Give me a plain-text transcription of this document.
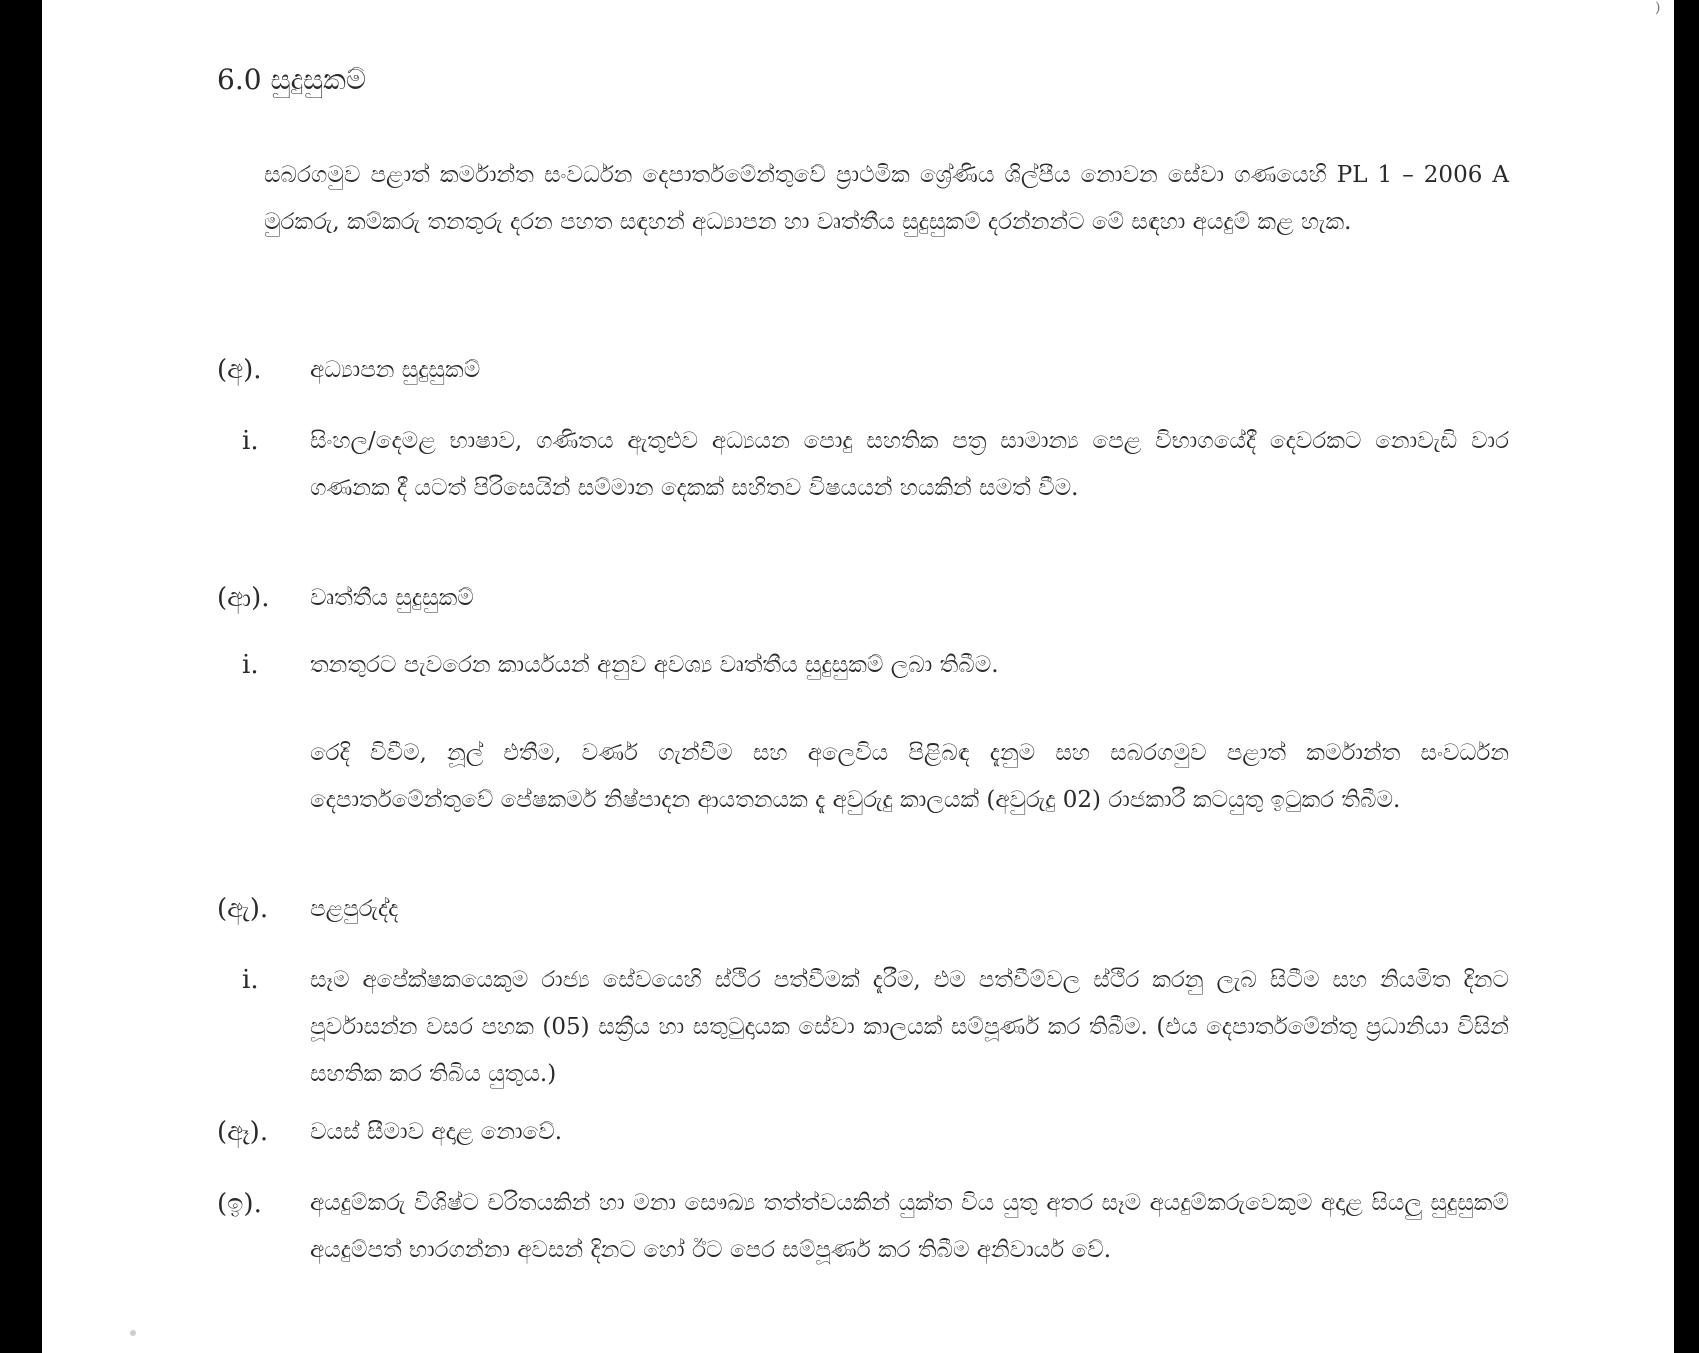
)
6.0 සුදුසුකම්
සබරගමුව පළාත් කර්මාන්ත සංවර්ධන දෙපාර්තමේන්තුවේ ප්‍රාථමික ශ්‍රේණිය ශිල්පීය නොවන සේවා ගණයෙහි PL 1 – 2006 A මුරකරු, කම්කරු තනතුරු දරන පහත සඳහන් අධ්‍යාපන හා වෘත්තීය සුදුසුකම් දරන්නන්ට මේ සඳහා අයදුම් කළ හැක.
(අ). අධ්‍යාපන සුදුසුකම්
i. සිංහල/දෙමළ භාෂාව, ගණිතය ඇතුළුව අධ්‍යයන පොදු සහතික පත්‍ර සාමාන්‍ය පෙළ විභාගයේදී දෙවරකට නොවැඩි වාර ගණනක දී යටත් පිරිසෙයින් සම්මාන දෙකක් සහිතව විෂයයන් හයකින් සමත් වීම.
(ආ). වෘත්තීය සුදුසුකම්
i. තනතුරට පැවරෙන කාර්යයන් අනුව අවශ්‍ය වෘත්තීය සුදුසුකම් ලබා තිබීම.
රෙදි විවීම, නූල් එතීම, වර්ණ ගැන්වීම සහ අලෙවිය පිළිබඳ දැනුම සහ සබරගමුව පළාත් කර්මාන්ත සංවර්ධන දෙපාර්තමේන්තුවේ පේෂකර්ම නිෂ්පාදන ආයතනයක දැ අවුරුදු කාලයක් (අවුරුදු 02) රාජකාරී කටයුතු ඉටුකර තිබීම.
(ඇ). පළපුරුද්ද
i. සෑම අපේක්ෂකයෙකුම රාජ්‍ය සේවයෙහි ස්ථිර පත්වීමක් දැරීම, එම පත්වීම්වල ස්ථිර කරනු ලැබ සිටීම සහ නියමිත දිනට පූර්වාසන්න වසර පහක (05) සක්‍රීය හා සතුටුදායක සේවා කාලයක් සම්පූර්ණ කර තිබීම. (එය දෙපාර්තමේන්තු ප්‍රධානියා විසින් සහතික කර තිබිය යුතුය.)
(ඈ). වයස් සීමාව අදාළ නොවේ.
(ඉ). අයදුම්කරු විශිෂ්ට චරිතයකින් හා මනා සෞඛ්‍ය තත්ත්වයකින් යුක්ත විය යුතු අතර සෑම අයදුම්කරුවෙකුම අදාළ සියලු සුදුසුකම් අයදුම්පත් භාරගන්නා අවසන් දිනට හෝ ඊට පෙර සම්පූර්ණ කර තිබීම අනිවාර්ය වේ.
